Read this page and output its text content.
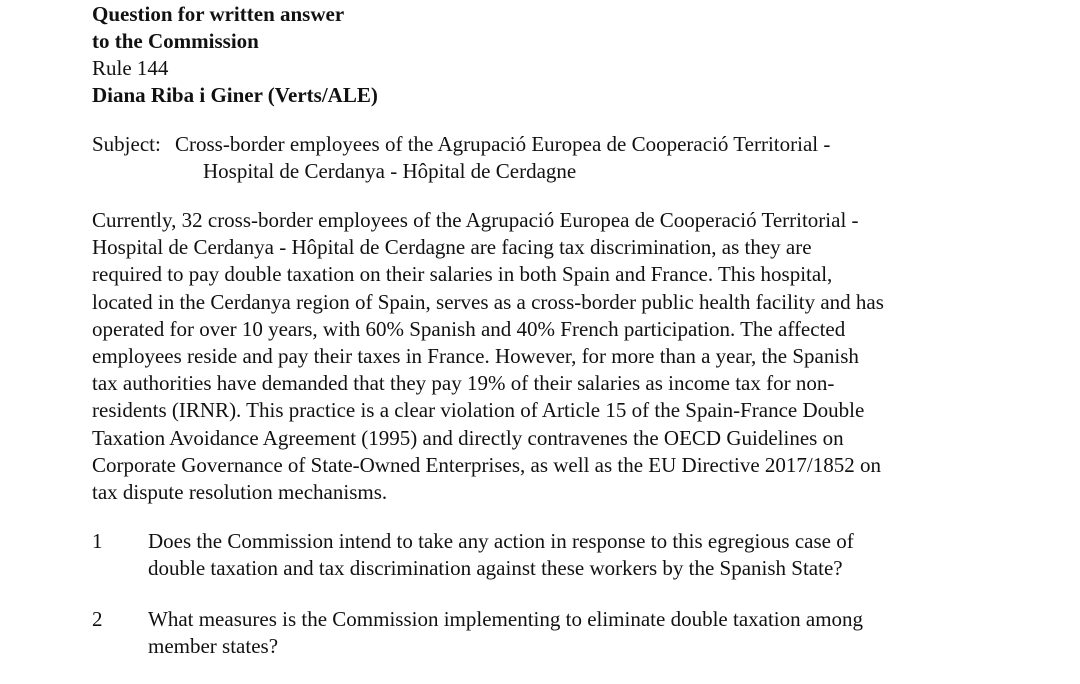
Question for written answer
to the Commission
Rule 144
Diana Riba i Giner (Verts/ALE)
Subject: Cross-border employees of the Agrupació Europea de Cooperació Territorial -
Hospital de Cerdanya - Hôpital de Cerdagne
Currently, 32 cross-border employees of the Agrupació Europea de Cooperació Territorial -
Hospital de Cerdanya - Hôpital de Cerdagne are facing tax discrimination, as they are
required to pay double taxation on their salaries in both Spain and France. This hospital,
located in the Cerdanya region of Spain, serves as a cross-border public health facility and has
operated for over 10 years, with 60% Spanish and 40% French participation. The affected
employees reside and pay their taxes in France. However, for more than a year, the Spanish
tax authorities have demanded that they pay 19% of their salaries as income tax for non-
residents (IRNR). This practice is a clear violation of Article 15 of the Spain-France Double
Taxation Avoidance Agreement (1995) and directly contravenes the OECD Guidelines on
Corporate Governance of State-Owned Enterprises, as well as the EU Directive 2017/1852 on
tax dispute resolution mechanisms.
1	Does the Commission intend to take any action in response to this egregious case of
double taxation and tax discrimination against these workers by the Spanish State?
2	What measures is the Commission implementing to eliminate double taxation among
member states?
